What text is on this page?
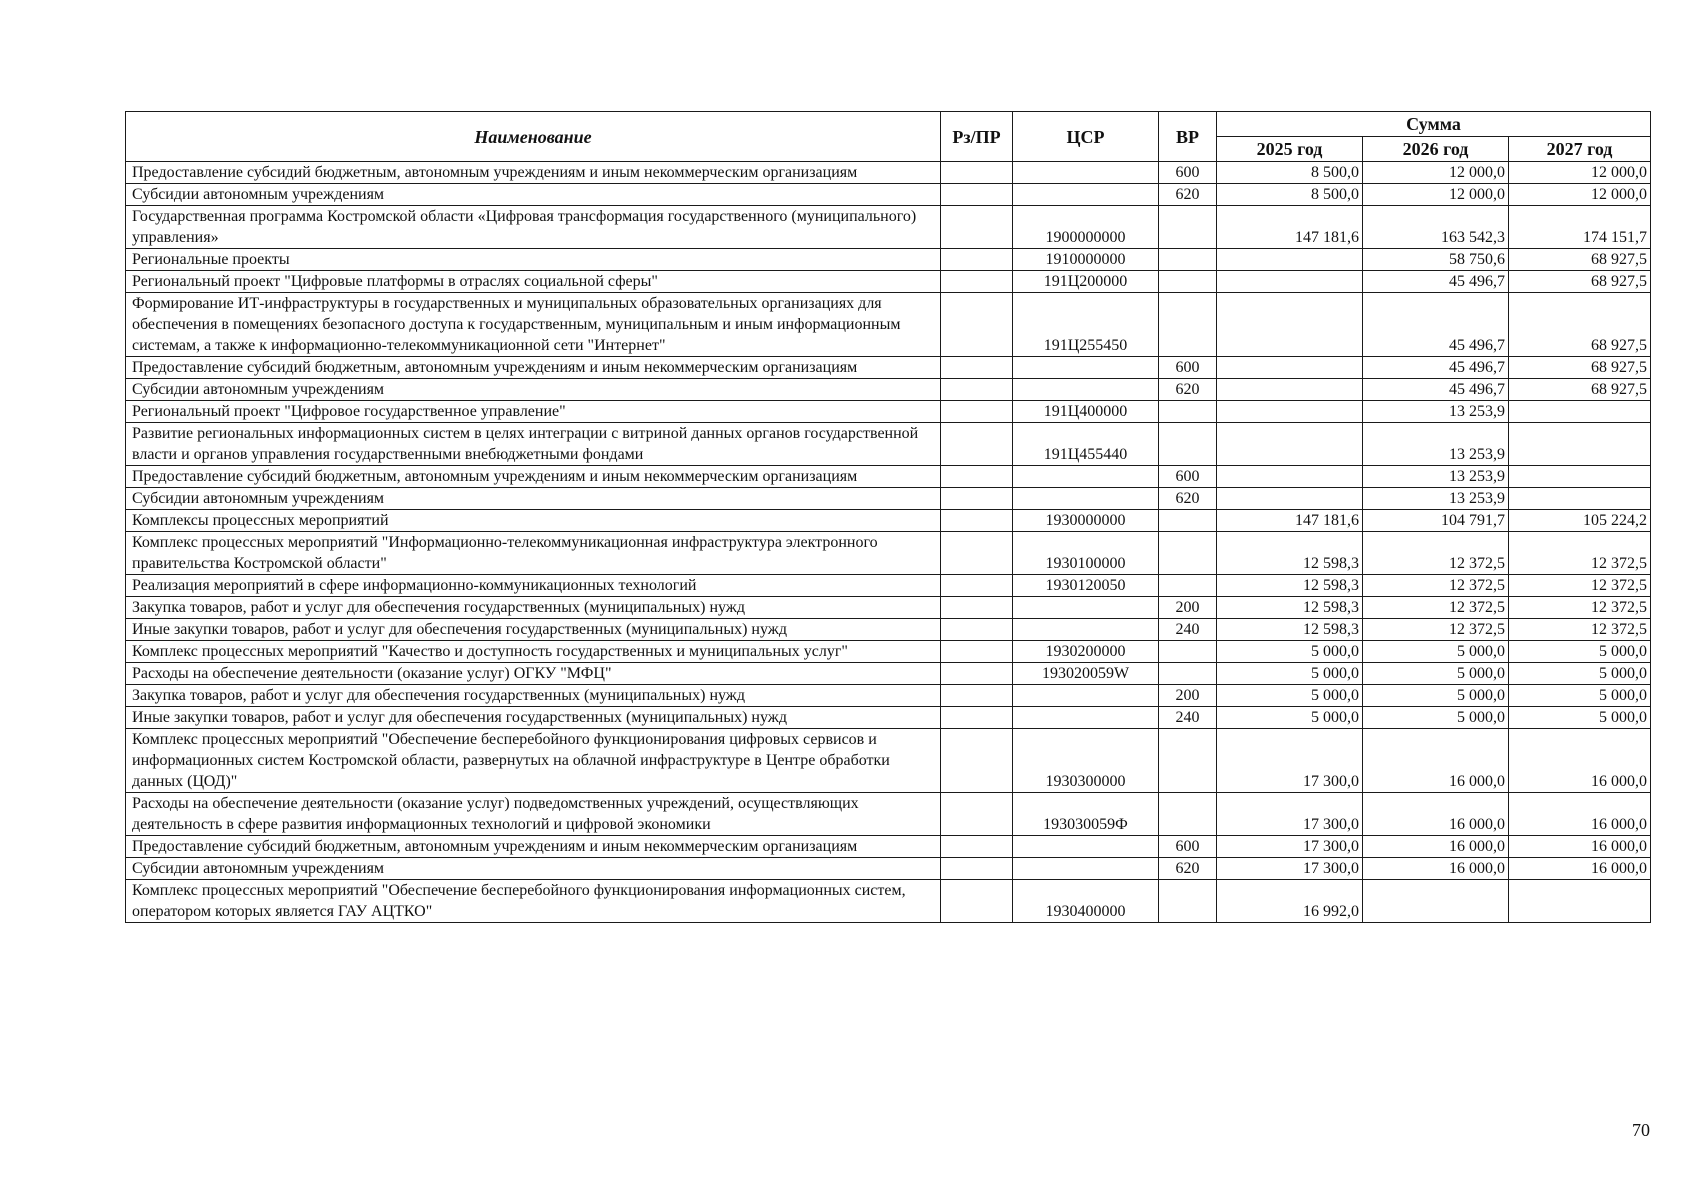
Наименование	Рз/ПР	ЦСР	ВР	Сумма		
				2025 год	2026 год	2027 год
Предоставление субсидий бюджетным, автономным учреждениям и иным некоммерческим организациям			600	8 500,0	12 000,0	12 000,0
Субсидии автономным учреждениям			620	8 500,0	12 000,0	12 000,0
Государственная программа Костромской области «Цифровая трансформация государственного (муниципального) управления»		1900000000		147 181,6	163 542,3	174 151,7
Региональные проекты		1910000000			58 750,6	68 927,5
Региональный проект "Цифровые платформы в отраслях социальной сферы"		191Ц200000			45 496,7	68 927,5
Формирование ИТ-инфраструктуры в государственных и муниципальных образовательных организациях для обеспечения в помещениях безопасного доступа к государственным, муниципальным и иным информационным системам, а также к информационно-телекоммуникационной сети "Интернет"		191Ц255450			45 496,7	68 927,5
Предоставление субсидий бюджетным, автономным учреждениям и иным некоммерческим организациям			600		45 496,7	68 927,5
Субсидии автономным учреждениям			620		45 496,7	68 927,5
Региональный проект "Цифровое государственное управление"		191Ц400000			13 253,9	
Развитие региональных информационных систем в целях интеграции с витриной данных органов государственной власти и органов управления государственными внебюджетными фондами		191Ц455440			13 253,9	
Предоставление субсидий бюджетным, автономным учреждениям и иным некоммерческим организациям			600		13 253,9	
Субсидии автономным учреждениям			620		13 253,9	
Комплексы процессных мероприятий		1930000000		147 181,6	104 791,7	105 224,2
Комплекс процессных мероприятий "Информационно-телекоммуникационная инфраструктура электронного правительства Костромской области"		1930100000		12 598,3	12 372,5	12 372,5
Реализация мероприятий в сфере информационно-коммуникационных технологий		1930120050		12 598,3	12 372,5	12 372,5
Закупка товаров, работ и услуг для обеспечения государственных (муниципальных) нужд			200	12 598,3	12 372,5	12 372,5
Иные закупки товаров, работ и услуг для обеспечения государственных (муниципальных) нужд			240	12 598,3	12 372,5	12 372,5
Комплекс процессных мероприятий "Качество и доступность государственных и муниципальных услуг"		1930200000		5 000,0	5 000,0	5 000,0
Расходы на обеспечение деятельности (оказание услуг) ОГКУ "МФЦ"		193020059W		5 000,0	5 000,0	5 000,0
Закупка товаров, работ и услуг для обеспечения государственных (муниципальных) нужд			200	5 000,0	5 000,0	5 000,0
Иные закупки товаров, работ и услуг для обеспечения государственных (муниципальных) нужд			240	5 000,0	5 000,0	5 000,0
Комплекс процессных мероприятий "Обеспечение бесперебойного функционирования цифровых сервисов и информационных систем Костромской области, развернутых на облачной инфраструктуре в Центре обработки данных (ЦОД)"		1930300000		17 300,0	16 000,0	16 000,0
Расходы на обеспечение деятельности (оказание услуг) подведомственных учреждений, осуществляющих деятельность в сфере развития информационных технологий и цифровой экономики		193030059Ф		17 300,0	16 000,0	16 000,0
Предоставление субсидий бюджетным, автономным учреждениям и иным некоммерческим организациям			600	17 300,0	16 000,0	16 000,0
Субсидии автономным учреждениям			620	17 300,0	16 000,0	16 000,0
Комплекс процессных мероприятий "Обеспечение бесперебойного функционирования информационных систем, оператором которых является ГАУ АЦТКО"		1930400000		16 992,0		
70
